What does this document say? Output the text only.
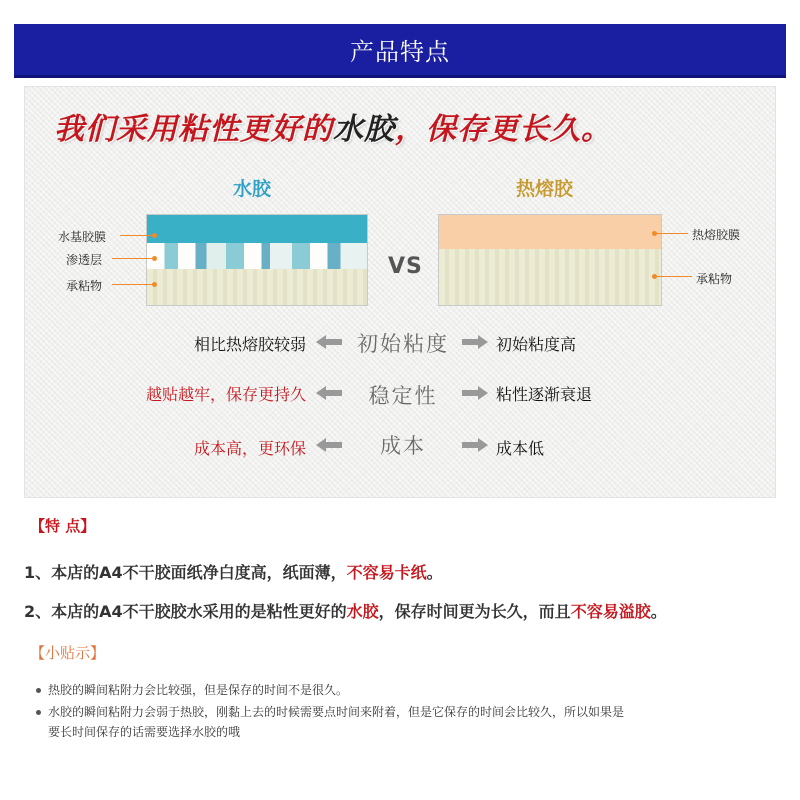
产品特点
我们采用粘性更好的水胶，保存更长久。
水胶	热熔胶
水基胶膜
渗透层
承粘物
VS
热熔胶膜
承粘物
相比热熔胶较弱	初始粘度	初始粘度高
越贴越牢，保存更持久	稳定性	粘性逐渐衰退
成本高，更环保	成本	成本低
【特 点】
1、本店的A4不干胶面纸净白度高，纸面薄，不容易卡纸。
2、本店的A4不干胶胶水采用的是粘性更好的水胶，保存时间更为长久，而且不容易溢胶。
【小贴示】
热胶的瞬间粘附力会比较强，但是保存的时间不是很久。
水胶的瞬间粘附力会弱于热胶，刚黏上去的时候需要点时间来附着，但是它保存的时间会比较久，所以如果是
要长时间保存的话需要选择水胶的哦
